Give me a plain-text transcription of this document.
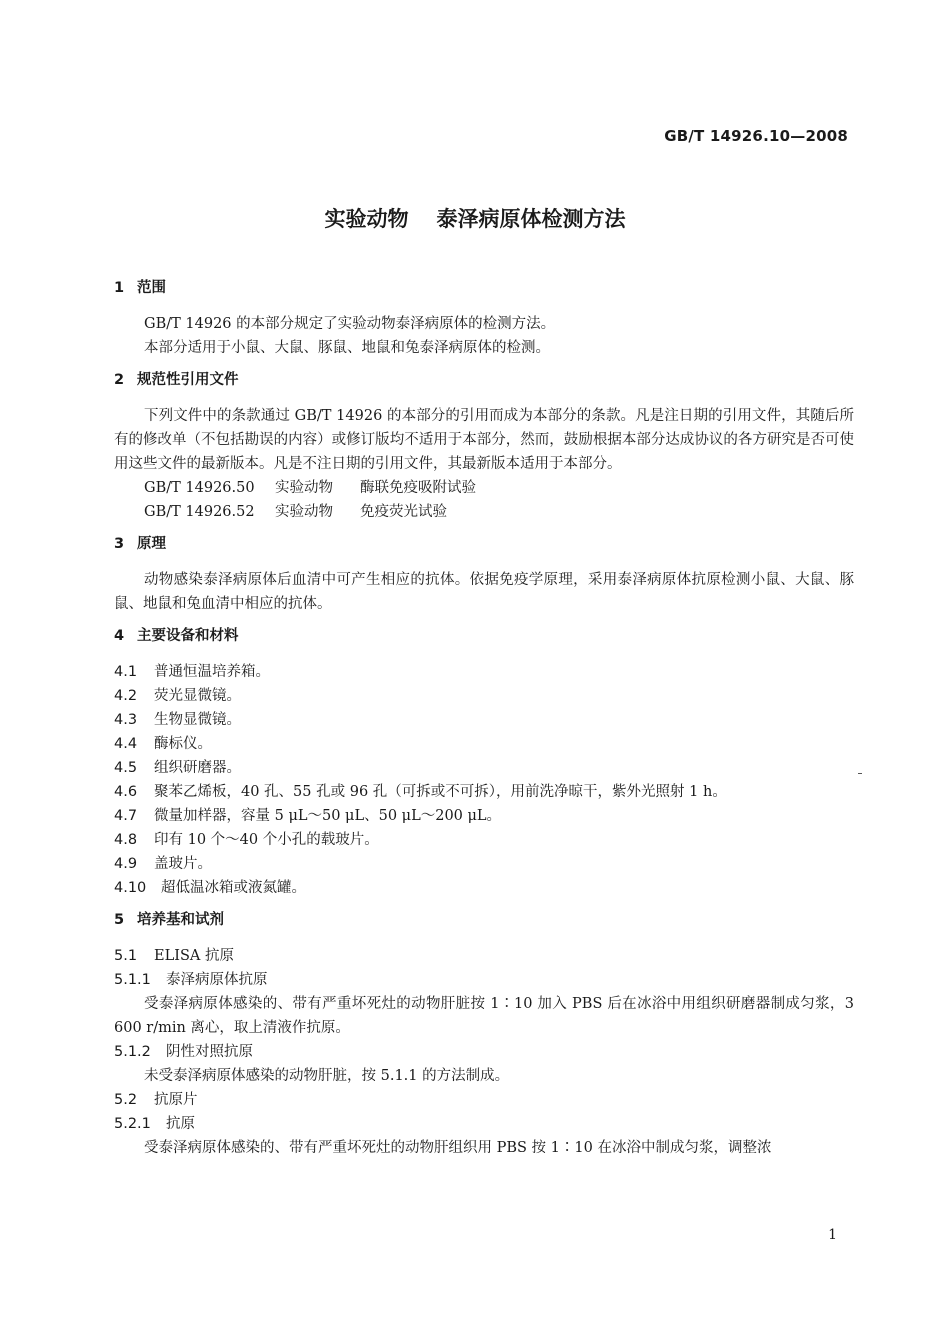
GB/T 14926.10—2008
实验动物 泰泽病原体检测方法

1 范围

GB/T 14926 的本部分规定了实验动物泰泽病原体的检测方法。

本部分适用于小鼠、大鼠、豚鼠、地鼠和兔泰泽病原体的检测。

2 规范性引用文件

下列文件中的条款通过 GB/T 14926 的本部分的引用而成为本部分的条款。凡是注日期的引用文件，其随后所有的修改单（不包括勘误的内容）或修订版均不适用于本部分，然而，鼓励根据本部分达成协议的各方研究是否可使用这些文件的最新版本。凡是不注日期的引用文件，其最新版本适用于本部分。

GB/T 14926.50 实验动物 酶联免疫吸附试验

GB/T 14926.52 实验动物 免疫荧光试验

3 原理

动物感染泰泽病原体后血清中可产生相应的抗体。依据免疫学原理，采用泰泽病原体抗原检测小鼠、大鼠、豚鼠、地鼠和兔血清中相应的抗体。

4 主要设备和材料

4.1 普通恒温培养箱。

4.2 荧光显微镜。

4.3 生物显微镜。

4.4 酶标仪。

4.5 组织研磨器。

4.6 聚苯乙烯板，40 孔、55 孔或 96 孔（可拆或不可拆），用前洗净晾干，紫外光照射 1 h。

4.7 微量加样器，容量 5 μL～50 μL、50 μL～200 μL。

4.8 印有 10 个～40 个小孔的载玻片。

4.9 盖玻片。

4.10 超低温冰箱或液氮罐。

5 培养基和试剂

5.1 ELISA 抗原

5.1.1 泰泽病原体抗原

受泰泽病原体感染的、带有严重坏死灶的动物肝脏按 1∶10 加入 PBS 后在冰浴中用组织研磨器制成匀浆，3 600 r/min 离心，取上清液作抗原。

5.1.2 阴性对照抗原

未受泰泽病原体感染的动物肝脏，按 5.1.1 的方法制成。

5.2 抗原片

5.2.1 抗原

受泰泽病原体感染的、带有严重坏死灶的动物肝组织用 PBS 按 1∶10 在冰浴中制成匀浆，调整浓

1
